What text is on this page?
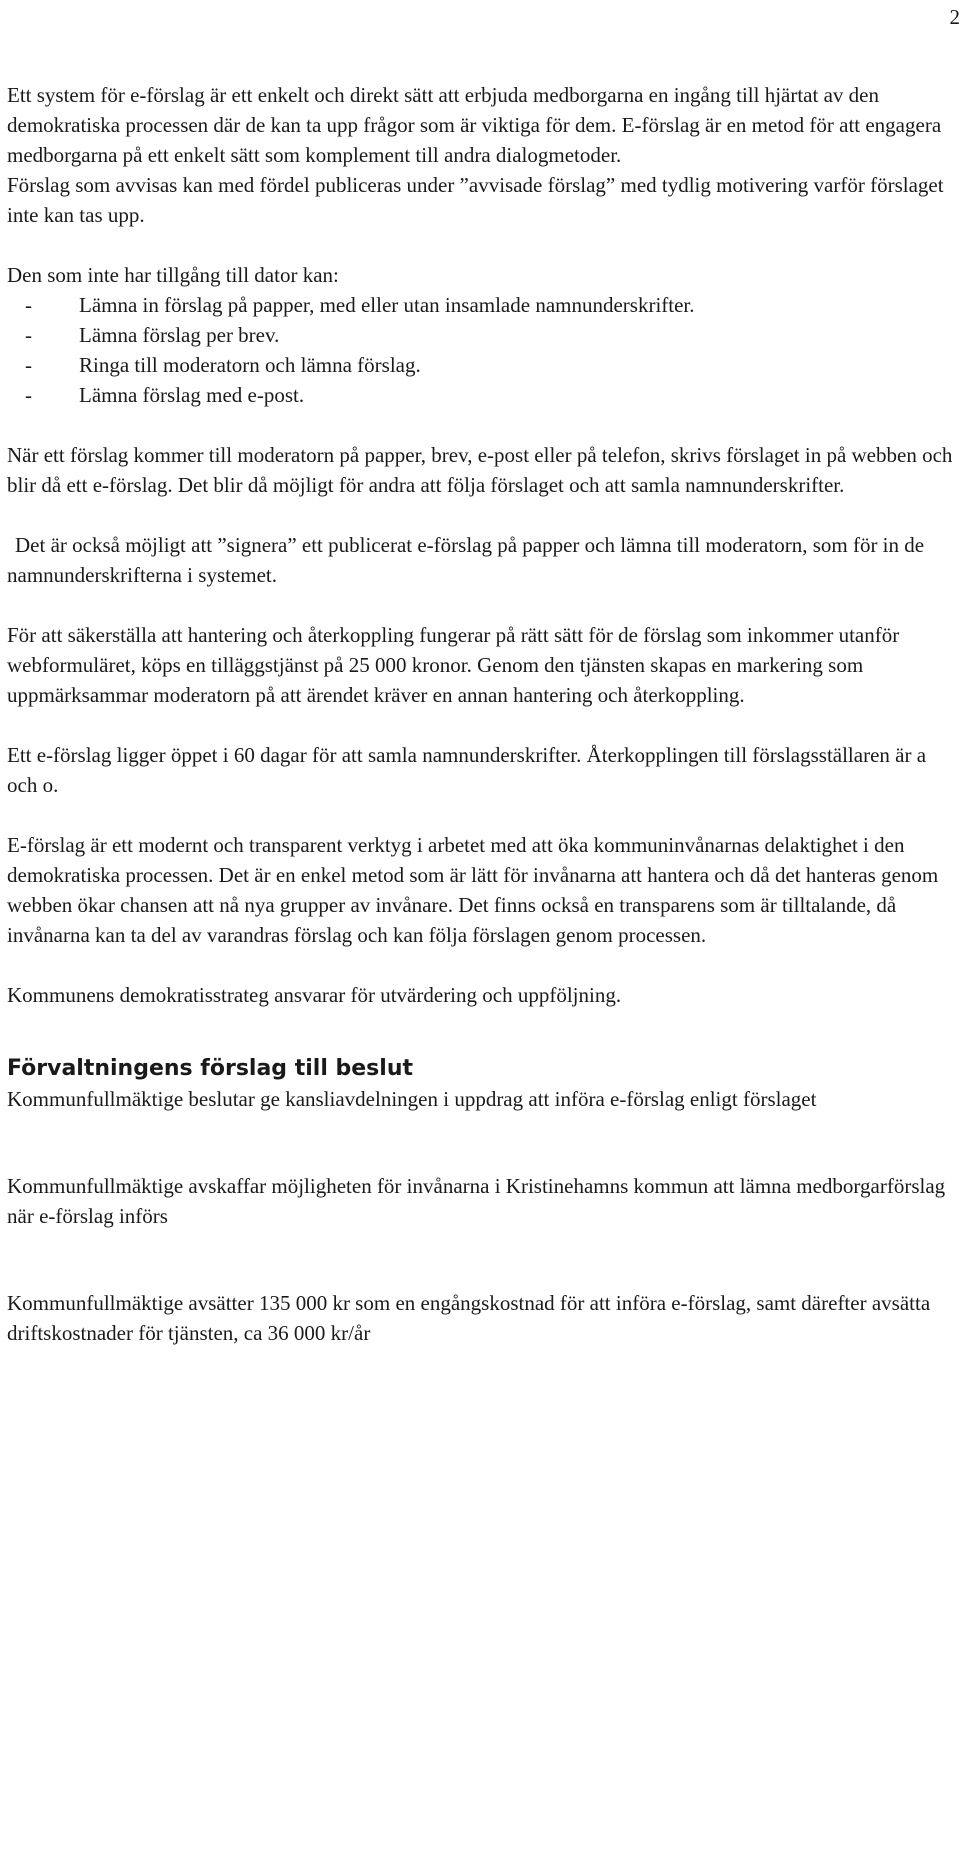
2

Ett system för e-förslag är ett enkelt och direkt sätt att erbjuda medborgarna en ingång till hjärtat av den demokratiska processen där de kan ta upp frågor som är viktiga för dem. E-förslag är en metod för att engagera medborgarna på ett enkelt sätt som komplement till andra dialogmetoder.

Förslag som avvisas kan med fördel publiceras under ”avvisade förslag” med tydlig motivering varför förslaget inte kan tas upp.

Den som inte har tillgång till dator kan:

- Lämna in förslag på papper, med eller utan insamlade namnunderskrifter.
- Lämna förslag per brev.
- Ringa till moderatorn och lämna förslag.
- Lämna förslag med e-post.

När ett förslag kommer till moderatorn på papper, brev, e-post eller på telefon, skrivs förslaget in på webben och blir då ett e-förslag. Det blir då möjligt för andra att följa förslaget och att samla namnunderskrifter.

Det är också möjligt att ”signera” ett publicerat e-förslag på papper och lämna till moderatorn, som för in de namnunderskrifterna i systemet.

För att säkerställa att hantering och återkoppling fungerar på rätt sätt för de förslag som inkommer utanför webformuläret, köps en tilläggstjänst på 25 000 kronor. Genom den tjänsten skapas en markering som uppmärksammar moderatorn på att ärendet kräver en annan hantering och återkoppling.

Ett e-förslag ligger öppet i 60 dagar för att samla namnunderskrifter. Återkopplingen till förslagsställaren är a och o.

E-förslag är ett modernt och transparent verktyg i arbetet med att öka kommuninvånarnas delaktighet i den demokratiska processen. Det är en enkel metod som är lätt för invånarna att hantera och då det hanteras genom webben ökar chansen att nå nya grupper av invånare. Det finns också en transparens som är tilltalande, då invånarna kan ta del av varandras förslag och kan följa förslagen genom processen.

Kommunens demokratisstrateg ansvarar för utvärdering och uppföljning.

Förvaltningens förslag till beslut

Kommunfullmäktige beslutar ge kansliavdelningen i uppdrag att införa e-förslag enligt förslaget

Kommunfullmäktige avskaffar möjligheten för invånarna i Kristinehamns kommun att lämna medborgarförslag när e-förslag införs

Kommunfullmäktige avsätter 135 000 kr som en engångskostnad för att införa e-förslag, samt därefter avsätta driftskostnader för tjänsten, ca 36 000 kr/år
